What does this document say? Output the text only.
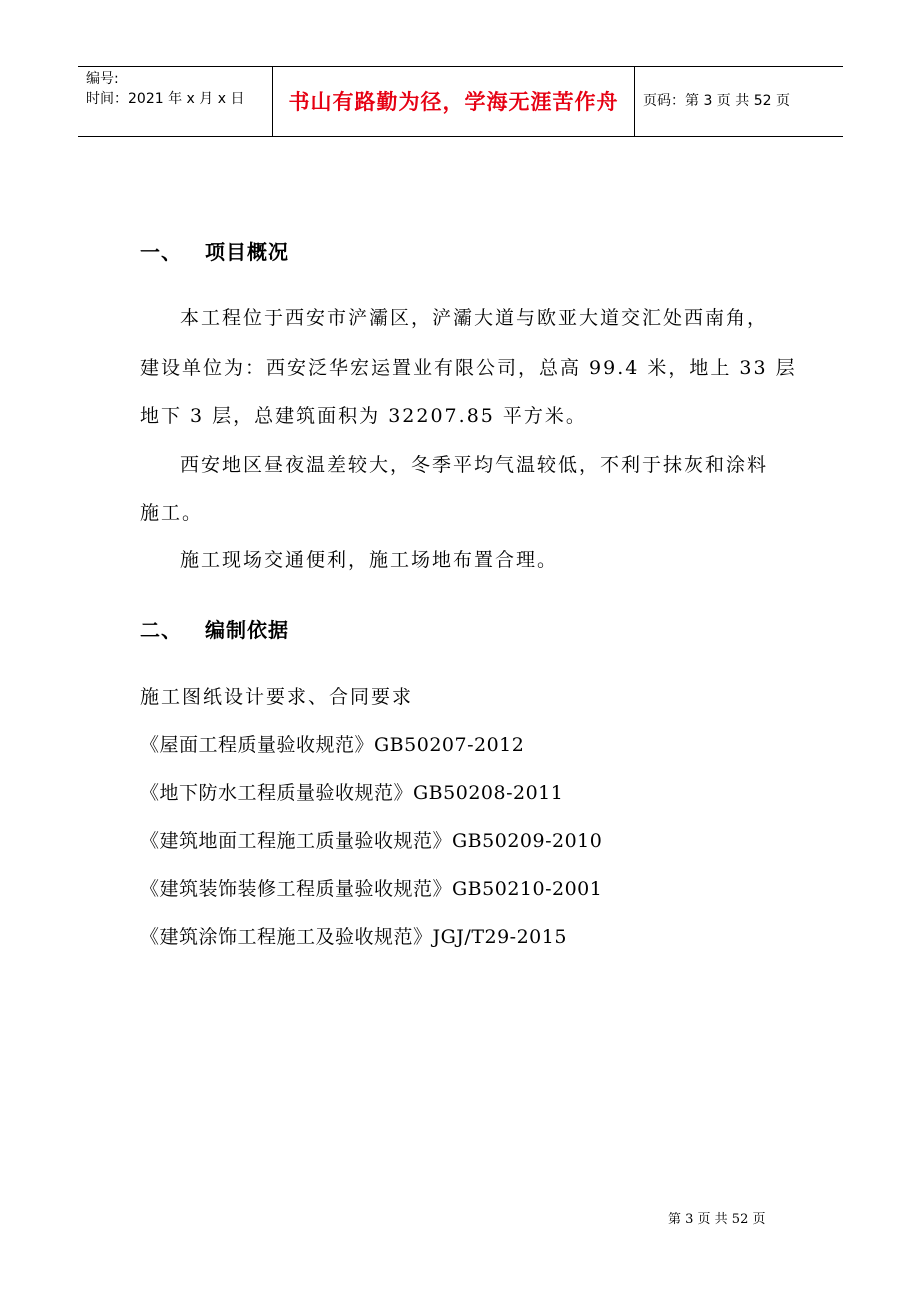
编号:
时间：2021 年 x 月 x 日 书山有路勤为径，学海无涯苦作舟 页码：第 3 页 共 52 页
一、 项目概况
本工程位于西安市浐灞区，浐灞大道与欧亚大道交汇处西南角，
建设单位为：西安泛华宏运置业有限公司，总高 99.4 米，地上 33 层
地下 3 层，总建筑面积为 32207.85 平方米。
西安地区昼夜温差较大，冬季平均气温较低，不利于抹灰和涂料
施工。
施工现场交通便利，施工场地布置合理。
二、 编制依据
施工图纸设计要求、合同要求
《屋面工程质量验收规范》GB50207-2012
《地下防水工程质量验收规范》GB50208-2011
《建筑地面工程施工质量验收规范》GB50209-2010
《建筑装饰装修工程质量验收规范》GB50210-2001
《建筑涂饰工程施工及验收规范》JGJ/T29-2015
第 3 页 共 52 页
